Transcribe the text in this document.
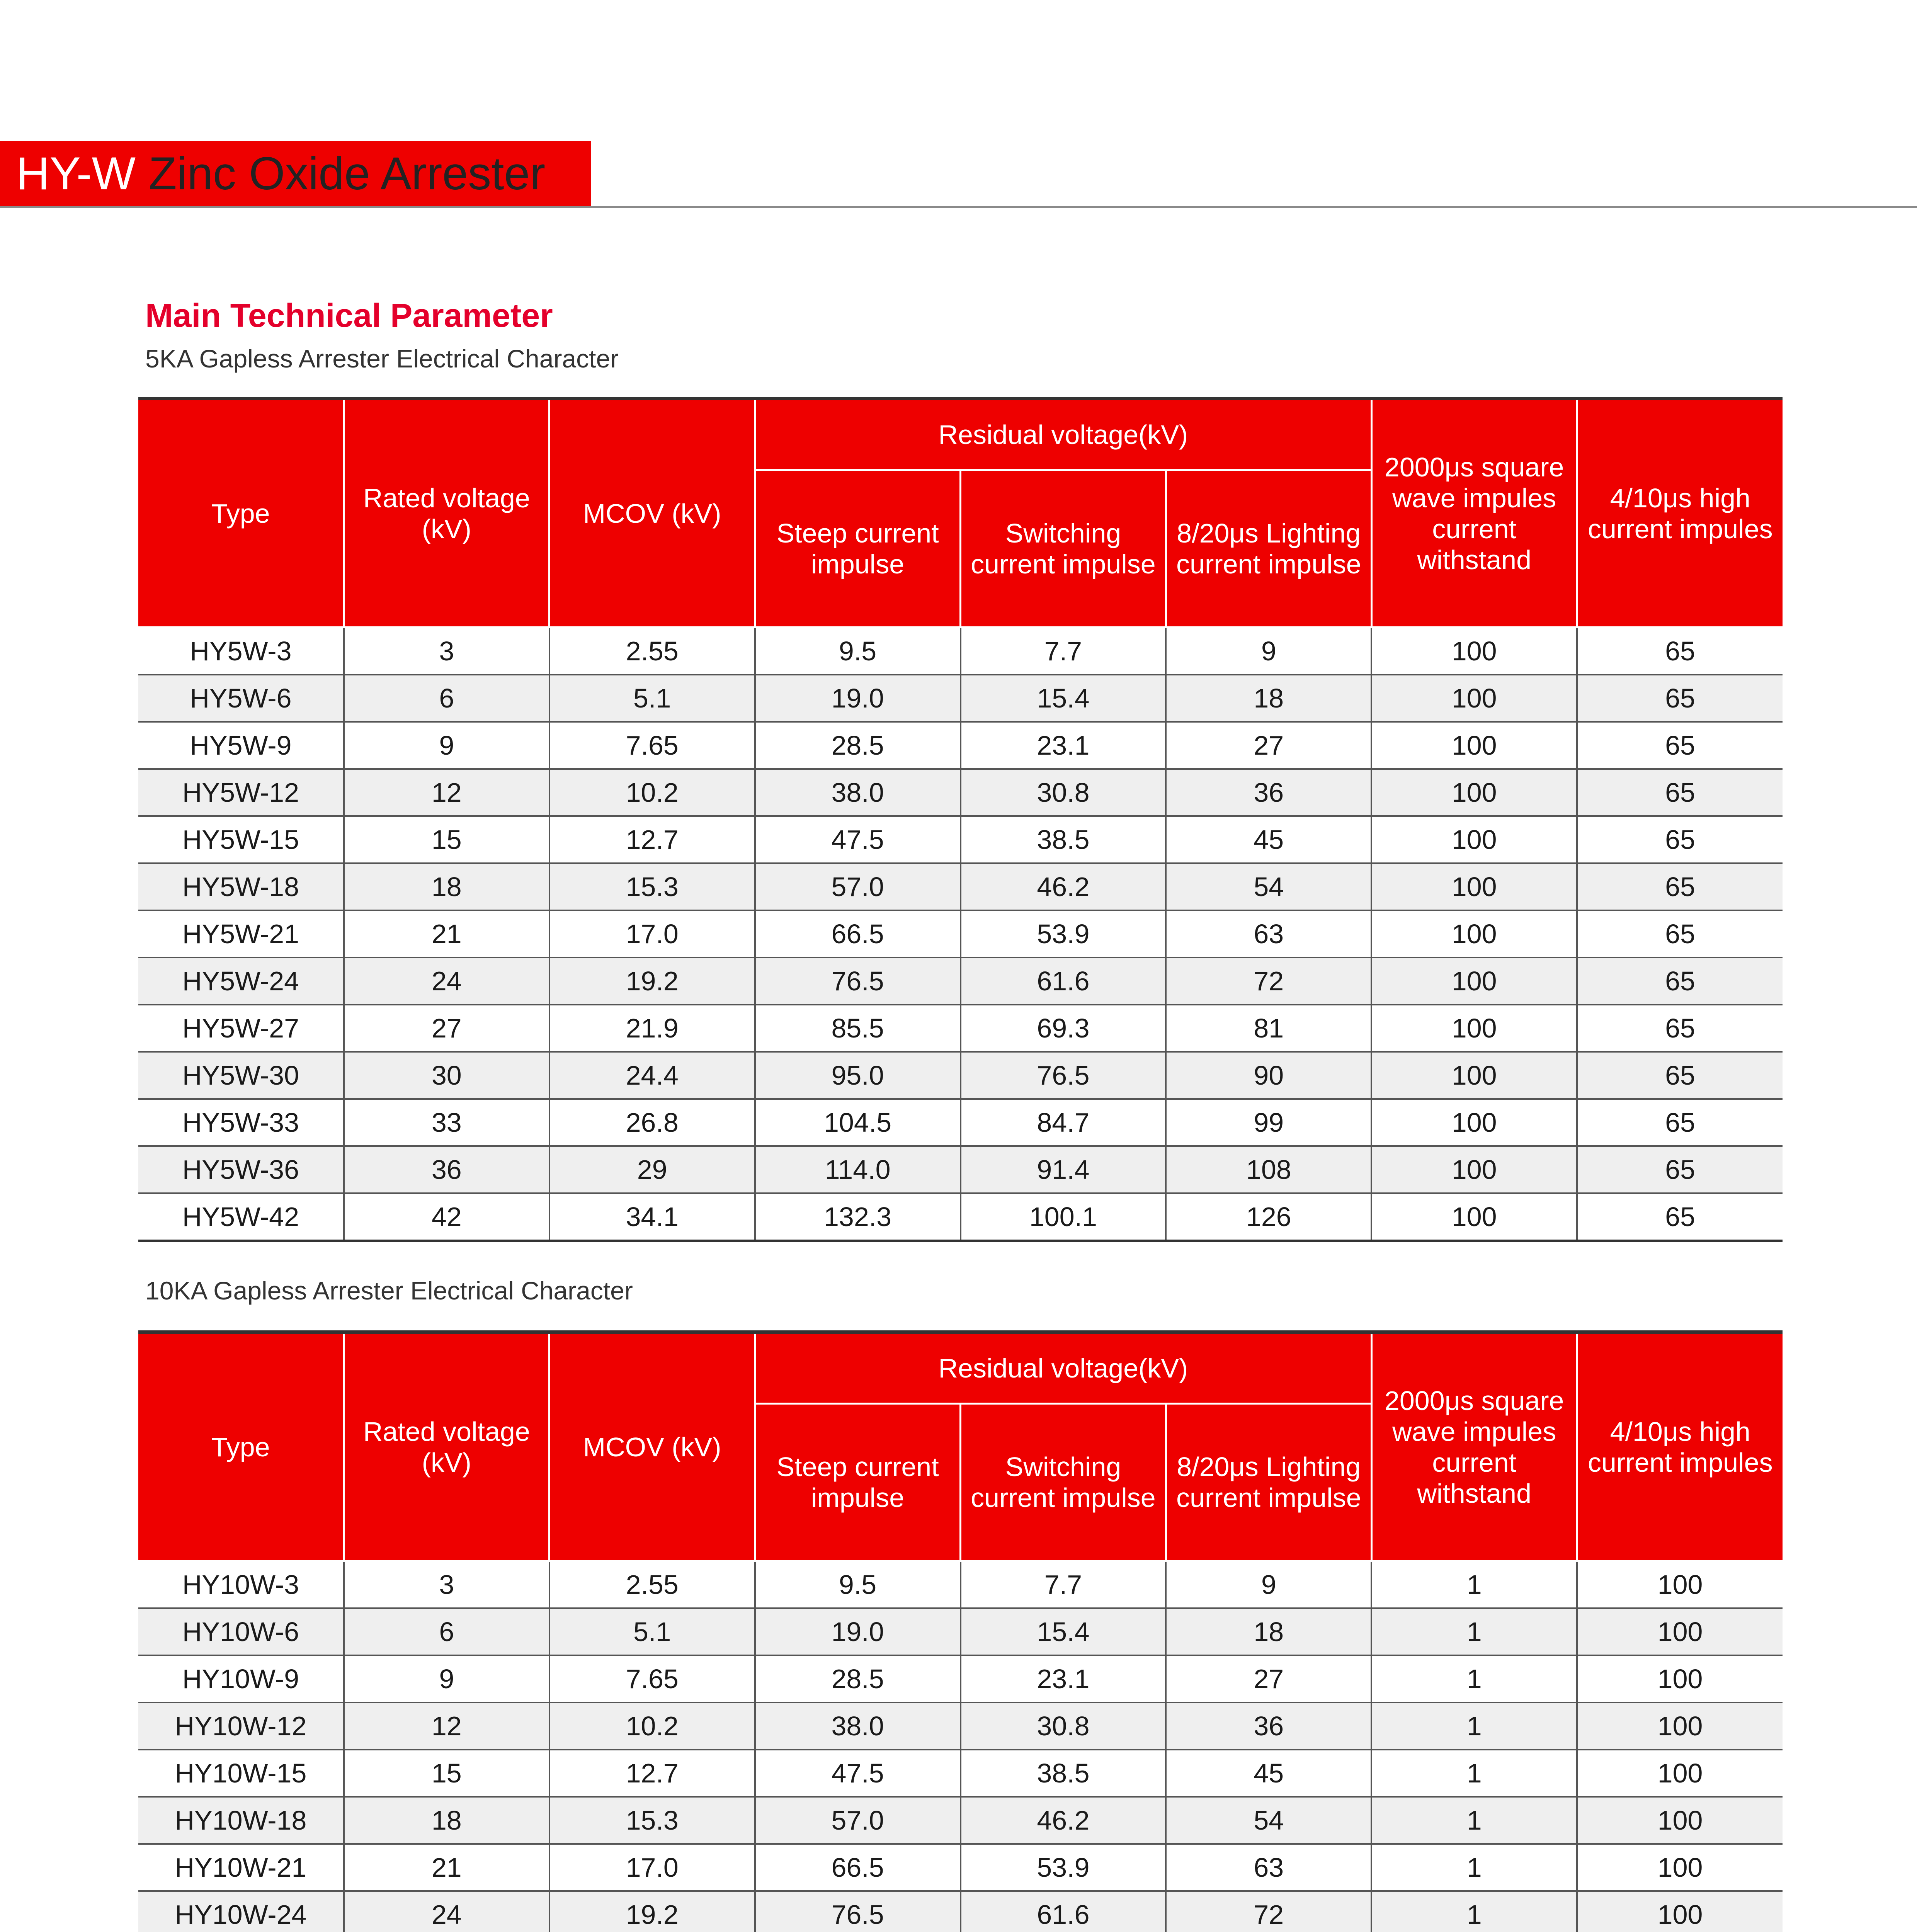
HY-W Zinc Oxide Arrester
Main Technical Parameter
5KA Gapless Arrester Electrical Character
Type	Rated voltage (kV)	MCOV (kV)	Residual voltage(kV)			2000μs square wave impules current withstand	4/10μs high current impules
			Steep current impulse	Switching current impulse	8/20μs Lighting current impulse		
HY5W-3	3	2.55	9.5	7.7	9	100	65
HY5W-6	6	5.1	19.0	15.4	18	100	65
HY5W-9	9	7.65	28.5	23.1	27	100	65
HY5W-12	12	10.2	38.0	30.8	36	100	65
HY5W-15	15	12.7	47.5	38.5	45	100	65
HY5W-18	18	15.3	57.0	46.2	54	100	65
HY5W-21	21	17.0	66.5	53.9	63	100	65
HY5W-24	24	19.2	76.5	61.6	72	100	65
HY5W-27	27	21.9	85.5	69.3	81	100	65
HY5W-30	30	24.4	95.0	76.5	90	100	65
HY5W-33	33	26.8	104.5	84.7	99	100	65
HY5W-36	36	29	114.0	91.4	108	100	65
HY5W-42	42	34.1	132.3	100.1	126	100	65
10KA Gapless Arrester Electrical Character
Type	Rated voltage (kV)	MCOV (kV)	Residual voltage(kV)			2000μs square wave impules current withstand	4/10μs high current impules
			Steep current impulse	Switching current impulse	8/20μs Lighting current impulse		
HY10W-3	3	2.55	9.5	7.7	9	1	100
HY10W-6	6	5.1	19.0	15.4	18	1	100
HY10W-9	9	7.65	28.5	23.1	27	1	100
HY10W-12	12	10.2	38.0	30.8	36	1	100
HY10W-15	15	12.7	47.5	38.5	45	1	100
HY10W-18	18	15.3	57.0	46.2	54	1	100
HY10W-21	21	17.0	66.5	53.9	63	1	100
HY10W-24	24	19.2	76.5	61.6	72	1	100
